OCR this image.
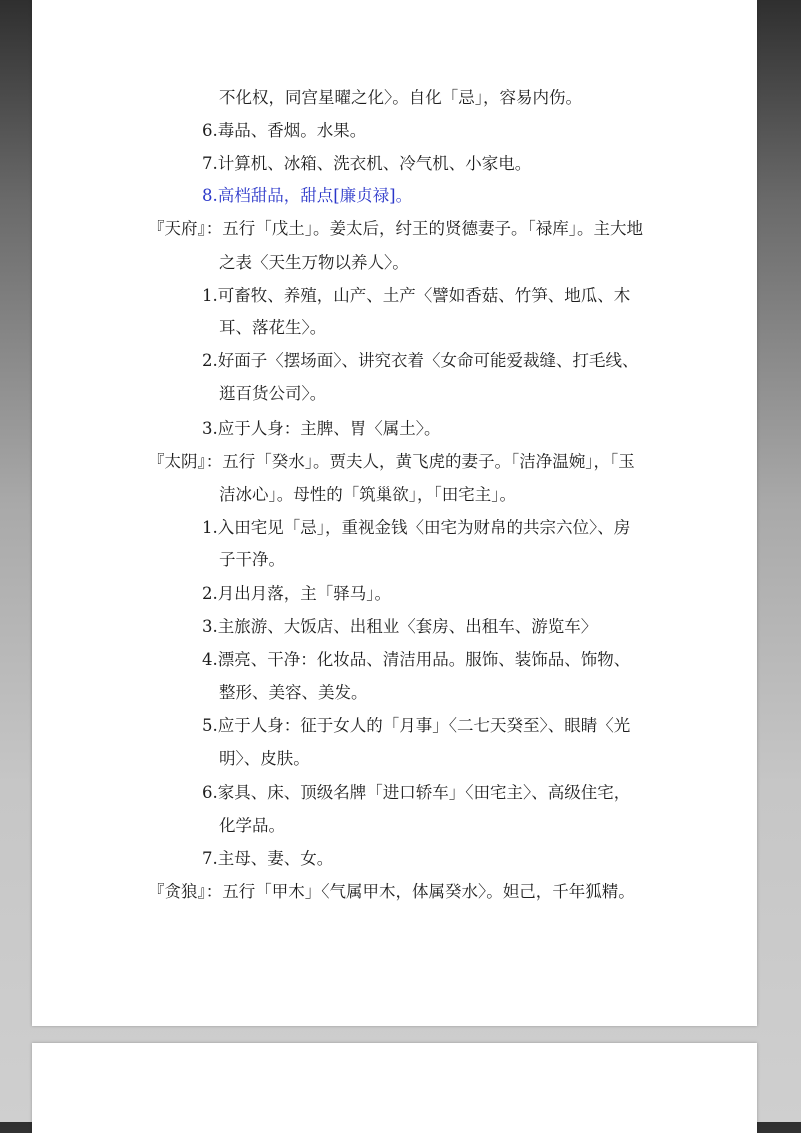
不化权，同宫星曜之化〉。自化「忌」，容易内伤。
6.毒品、香烟。水果。
7.计算机、冰箱、洗衣机、冷气机、小家电。
8.高档甜品，甜点[廉贞禄]。
『天府』：五行「戊土」。姜太后，纣王的贤德妻子。「禄库」。主大地
之表〈天生万物以养人〉。
1.可畜牧、养殖，山产、土产〈譬如香菇、竹笋、地瓜、木
耳、落花生〉。
2.好面子〈摆场面〉、讲究衣着〈女命可能爱裁缝、打毛线、
逛百货公司〉。
3.应于人身：主脾、胃〈属土〉。
『太阴』：五行「癸水」。贾夫人，黄飞虎的妻子。「洁净温婉」，「玉
洁冰心」。母性的「筑巢欲」，「田宅主」。
1.入田宅见「忌」，重视金钱〈田宅为财帛的共宗六位〉、房
子干净。
2.月出月落，主「驿马」。
3.主旅游、大饭店、出租业〈套房、出租车、游览车〉
4.漂亮、干净：化妆品、清洁用品。服饰、装饰品、饰物、
整形、美容、美发。
5.应于人身：征于女人的「月事」〈二七天癸至〉、眼睛〈光
明〉、皮肤。
6.家具、床、顶级名牌「进口轿车」〈田宅主〉、高级住宅，
化学品。
7.主母、妻、女。
『贪狼』：五行「甲木」〈气属甲木，体属癸水〉。妲己，千年狐精。
